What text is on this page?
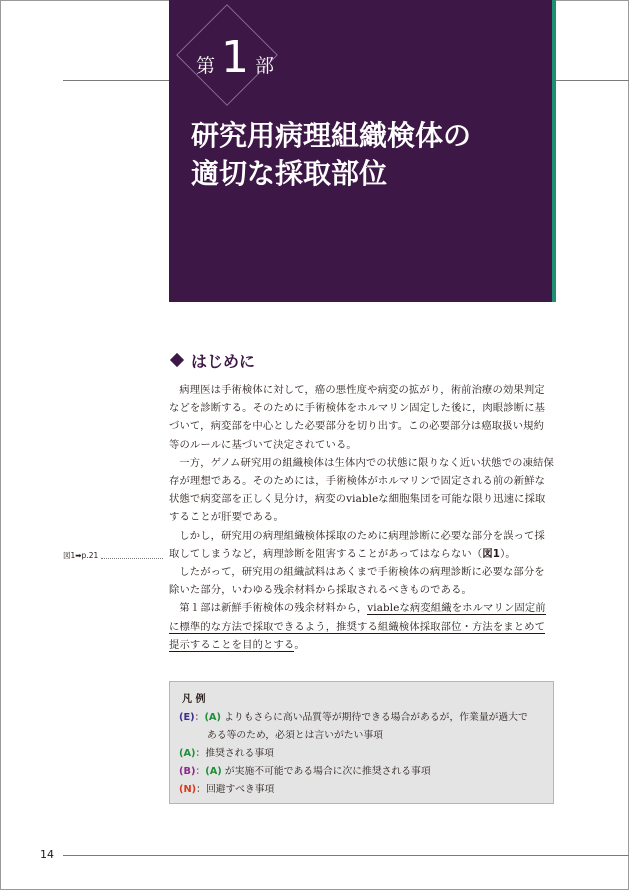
第 1 部
研究用病理組織検体の
適切な採取部位
はじめに

病理医は手術検体に対して，癌の悪性度や病変の拡がり，術前治療の効果判定などを診断する。そのために手術検体をホルマリン固定した後に，肉眼診断に基づいて，病変部を中心とした必要部分を切り出す。この必要部分は癌取扱い規約等のルールに基づいて決定されている。

一方，ゲノム研究用の組織検体は生体内での状態に限りなく近い状態での凍結保存が理想である。そのためには，手術検体がホルマリンで固定される前の新鮮な状態で病変部を正しく見分け，病変のviableな細胞集団を可能な限り迅速に採取することが肝要である。

しかし，研究用の病理組織検体採取のために病理診断に必要な部分を誤って採取してしまうなど，病理診断を阻害することがあってはならない（図1）。

したがって，研究用の組織試料はあくまで手術検体の病理診断に必要な部分を除いた部分，いわゆる残余材料から採取されるべきものである。

第１部は新鮮手術検体の残余材料から，viableな病変組織をホルマリン固定前に標準的な方法で採取できるよう，推奨する組織検体採取部位・方法をまとめて提示することを目的とする。

図1➡p.21
凡 例
(E)：(A) よりもさらに高い品質等が期待できる場合があるが，作業量が過大で
ある等のため，必須とは言いがたい事項
(A)：推奨される事項
(B)：(A) が実施不可能である場合に次に推奨される事項
(N)：回避すべき事項
14
